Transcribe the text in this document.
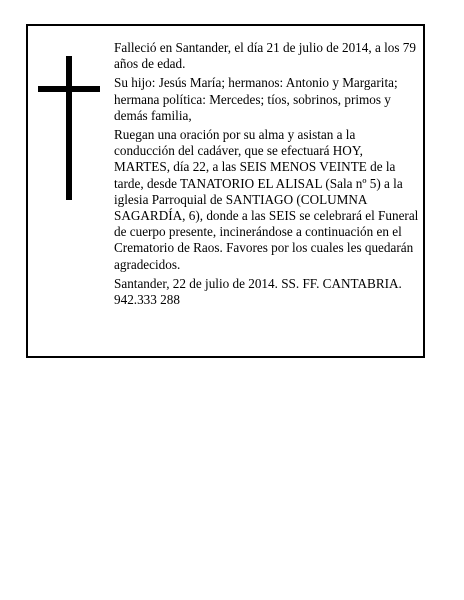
Falleció en Santander, el día 21 de julio de 2014, a los 79 años de edad.

Su hijo: Jesús María; hermanos: Antonio y Margarita; hermana política: Mercedes; tíos, sobrinos, primos y demás familia,

Ruegan una oración por su alma y asistan a la conducción del cadáver, que se efectuará HOY, MARTES, día 22, a las SEIS MENOS VEINTE de la tarde, desde TANATORIO EL ALISAL (Sala nº 5) a la iglesia Parroquial de SANTIAGO (COLUMNA SAGARDÍA, 6), donde a las SEIS se celebrará el Funeral de cuerpo presente, incinerándose a continuación en el Crematorio de Raos. Favores por los cuales les quedarán agradecidos.

Santander, 22 de julio de 2014. SS. FF. CANTABRIA. 942.333 288
